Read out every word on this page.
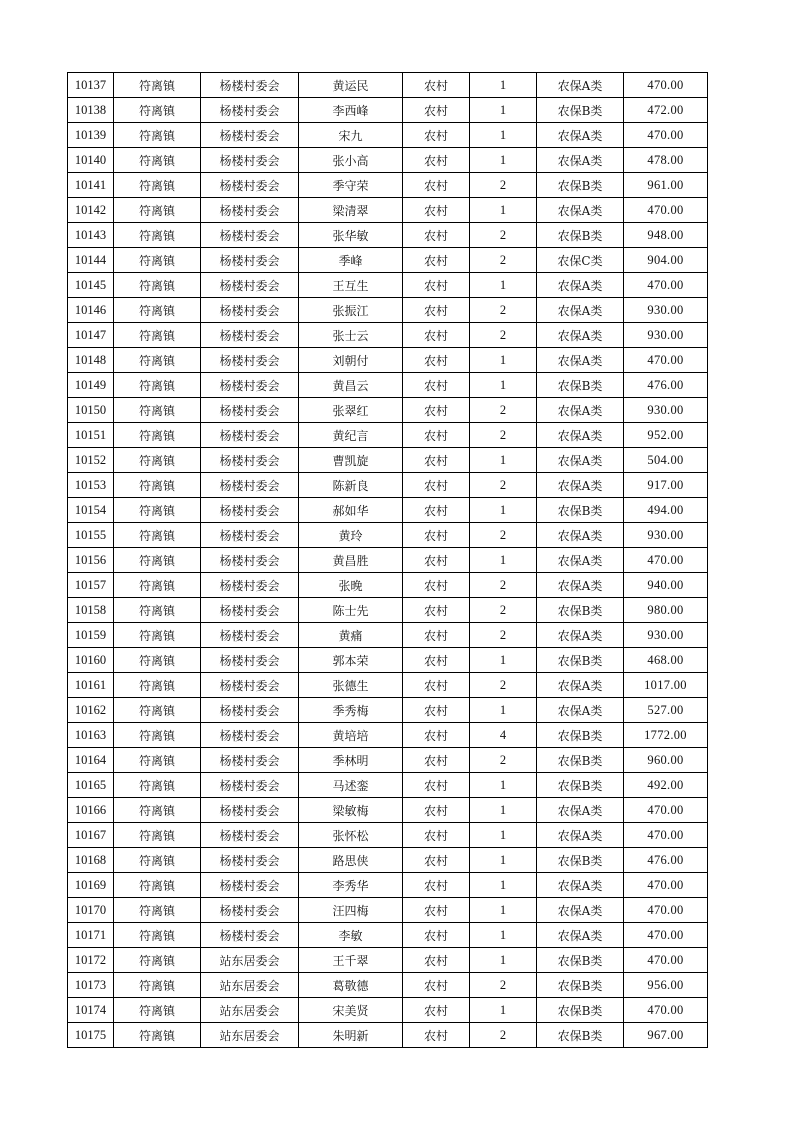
10137	符离镇	杨楼村委会	黄运民	农村	1	农保A类	470.00
10138	符离镇	杨楼村委会	李西峰	农村	1	农保B类	472.00
10139	符离镇	杨楼村委会	宋九	农村	1	农保A类	470.00
10140	符离镇	杨楼村委会	张小高	农村	1	农保A类	478.00
10141	符离镇	杨楼村委会	季守荣	农村	2	农保B类	961.00
10142	符离镇	杨楼村委会	梁清翠	农村	1	农保A类	470.00
10143	符离镇	杨楼村委会	张华敏	农村	2	农保B类	948.00
10144	符离镇	杨楼村委会	季峰	农村	2	农保C类	904.00
10145	符离镇	杨楼村委会	王互生	农村	1	农保A类	470.00
10146	符离镇	杨楼村委会	张振江	农村	2	农保A类	930.00
10147	符离镇	杨楼村委会	张士云	农村	2	农保A类	930.00
10148	符离镇	杨楼村委会	刘朝付	农村	1	农保A类	470.00
10149	符离镇	杨楼村委会	黄昌云	农村	1	农保B类	476.00
10150	符离镇	杨楼村委会	张翠红	农村	2	农保A类	930.00
10151	符离镇	杨楼村委会	黄纪言	农村	2	农保A类	952.00
10152	符离镇	杨楼村委会	曹凯旋	农村	1	农保A类	504.00
10153	符离镇	杨楼村委会	陈新良	农村	2	农保A类	917.00
10154	符离镇	杨楼村委会	郝如华	农村	1	农保B类	494.00
10155	符离镇	杨楼村委会	黄玲	农村	2	农保A类	930.00
10156	符离镇	杨楼村委会	黄昌胜	农村	1	农保A类	470.00
10157	符离镇	杨楼村委会	张晚	农村	2	农保A类	940.00
10158	符离镇	杨楼村委会	陈士先	农村	2	农保B类	980.00
10159	符离镇	杨楼村委会	黄痛	农村	2	农保A类	930.00
10160	符离镇	杨楼村委会	郭本荣	农村	1	农保B类	468.00
10161	符离镇	杨楼村委会	张德生	农村	2	农保A类	1017.00
10162	符离镇	杨楼村委会	季秀梅	农村	1	农保A类	527.00
10163	符离镇	杨楼村委会	黄培培	农村	4	农保B类	1772.00
10164	符离镇	杨楼村委会	季林明	农村	2	农保B类	960.00
10165	符离镇	杨楼村委会	马述銮	农村	1	农保B类	492.00
10166	符离镇	杨楼村委会	梁敏梅	农村	1	农保A类	470.00
10167	符离镇	杨楼村委会	张怀松	农村	1	农保A类	470.00
10168	符离镇	杨楼村委会	路思侠	农村	1	农保B类	476.00
10169	符离镇	杨楼村委会	李秀华	农村	1	农保A类	470.00
10170	符离镇	杨楼村委会	汪四梅	农村	1	农保A类	470.00
10171	符离镇	杨楼村委会	李敏	农村	1	农保A类	470.00
10172	符离镇	站东居委会	王千翠	农村	1	农保B类	470.00
10173	符离镇	站东居委会	葛敬德	农村	2	农保B类	956.00
10174	符离镇	站东居委会	宋美贤	农村	1	农保B类	470.00
10175	符离镇	站东居委会	朱明新	农村	2	农保B类	967.00
